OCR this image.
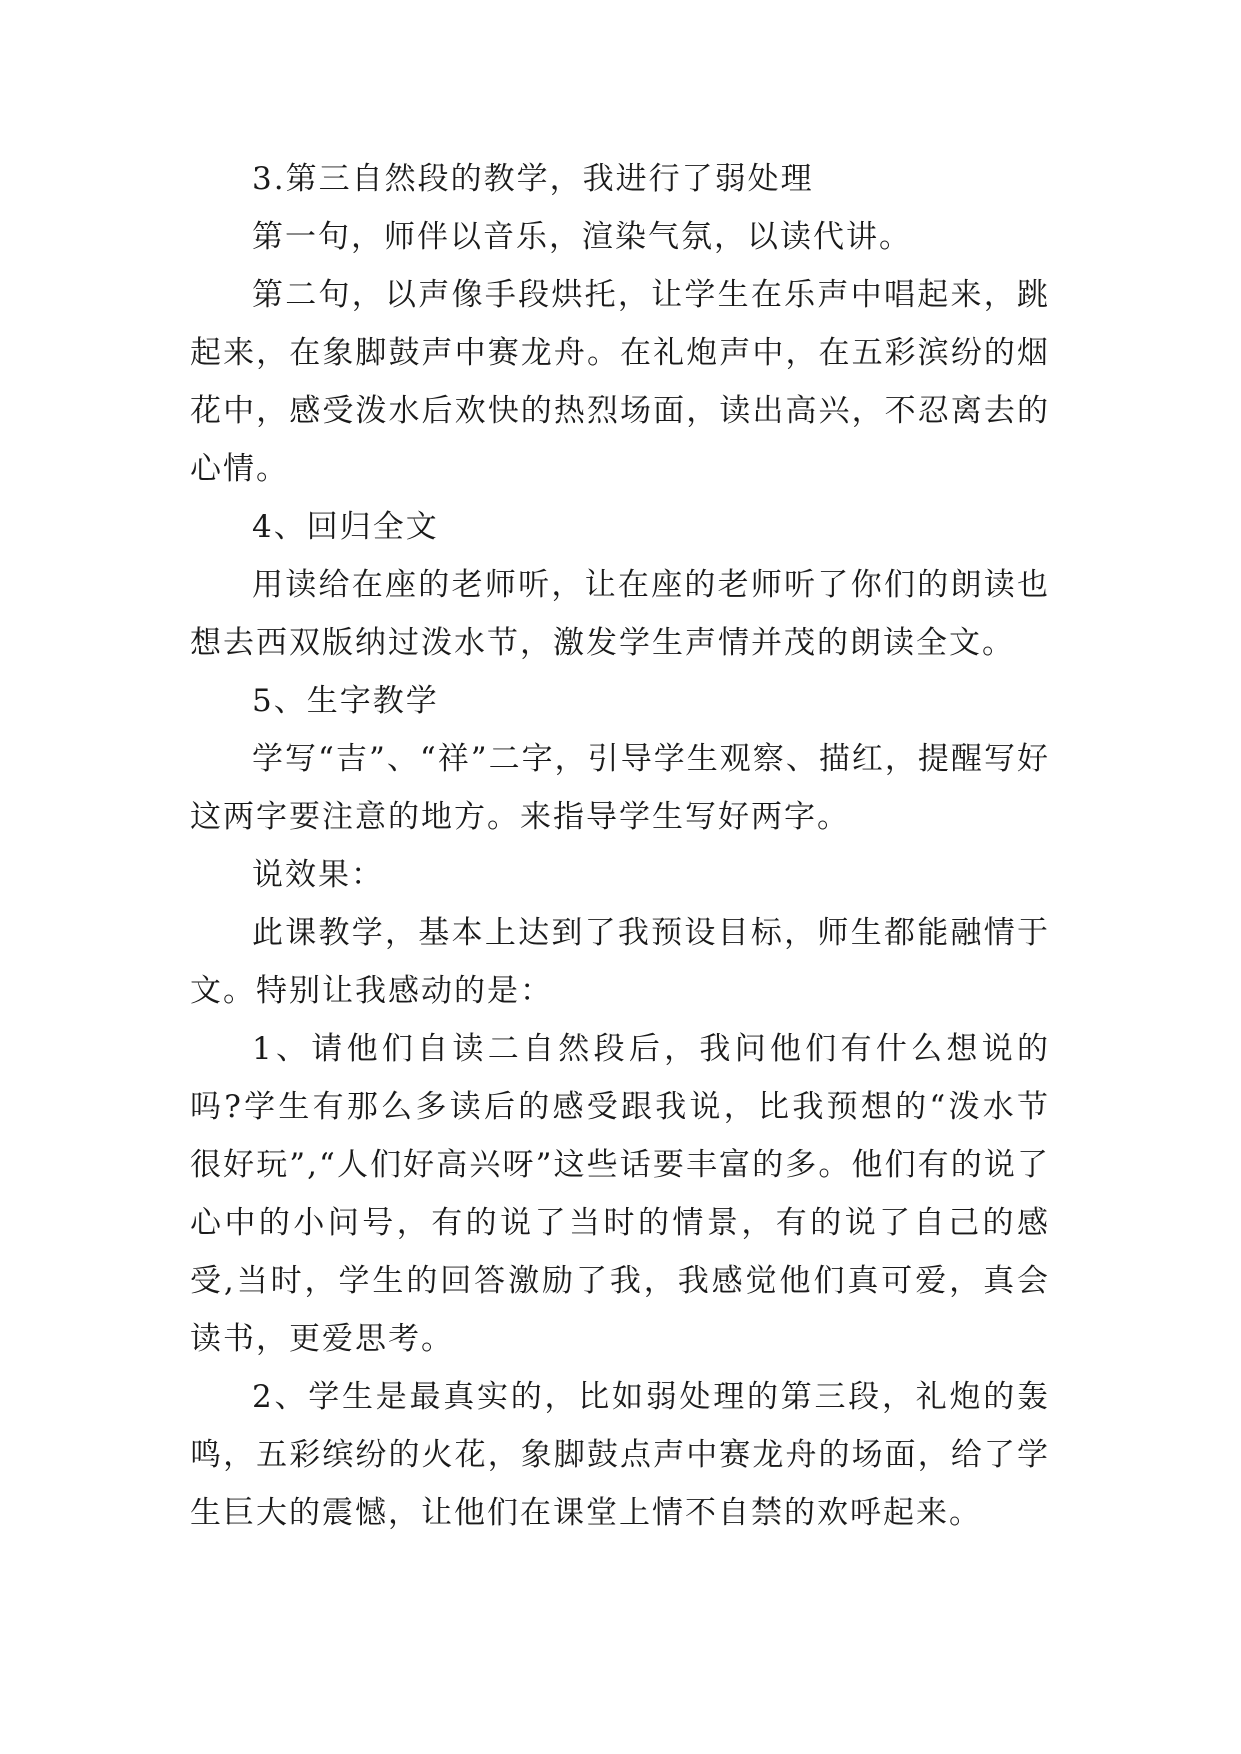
3.第三自然段的教学，我进行了弱处理

第一句，师伴以音乐，渲染气氛，以读代讲。

第二句，以声像手段烘托，让学生在乐声中唱起来，跳起来，在象脚鼓声中赛龙舟。在礼炮声中，在五彩滨纷的烟花中，感受泼水后欢快的热烈场面，读出高兴，不忍离去的心情。

4、回归全文

用读给在座的老师听，让在座的老师听了你们的朗读也想去西双版纳过泼水节，激发学生声情并茂的朗读全文。

5、生字教学

学写“吉”、“祥”二字，引导学生观察、描红，提醒写好这两字要注意的地方。来指导学生写好两字。

说效果：

此课教学，基本上达到了我预设目标，师生都能融情于文。特别让我感动的是：

1、请他们自读二自然段后，我问他们有什么想说的吗?学生有那么多读后的感受跟我说，比我预想的“泼水节很好玩”,“人们好高兴呀”这些话要丰富的多。他们有的说了心中的小问号，有的说了当时的情景，有的说了自己的感受,当时，学生的回答激励了我，我感觉他们真可爱，真会读书，更爱思考。

2、学生是最真实的，比如弱处理的第三段，礼炮的轰鸣，五彩缤纷的火花，象脚鼓点声中赛龙舟的场面，给了学生巨大的震憾，让他们在课堂上情不自禁的欢呼起来。
